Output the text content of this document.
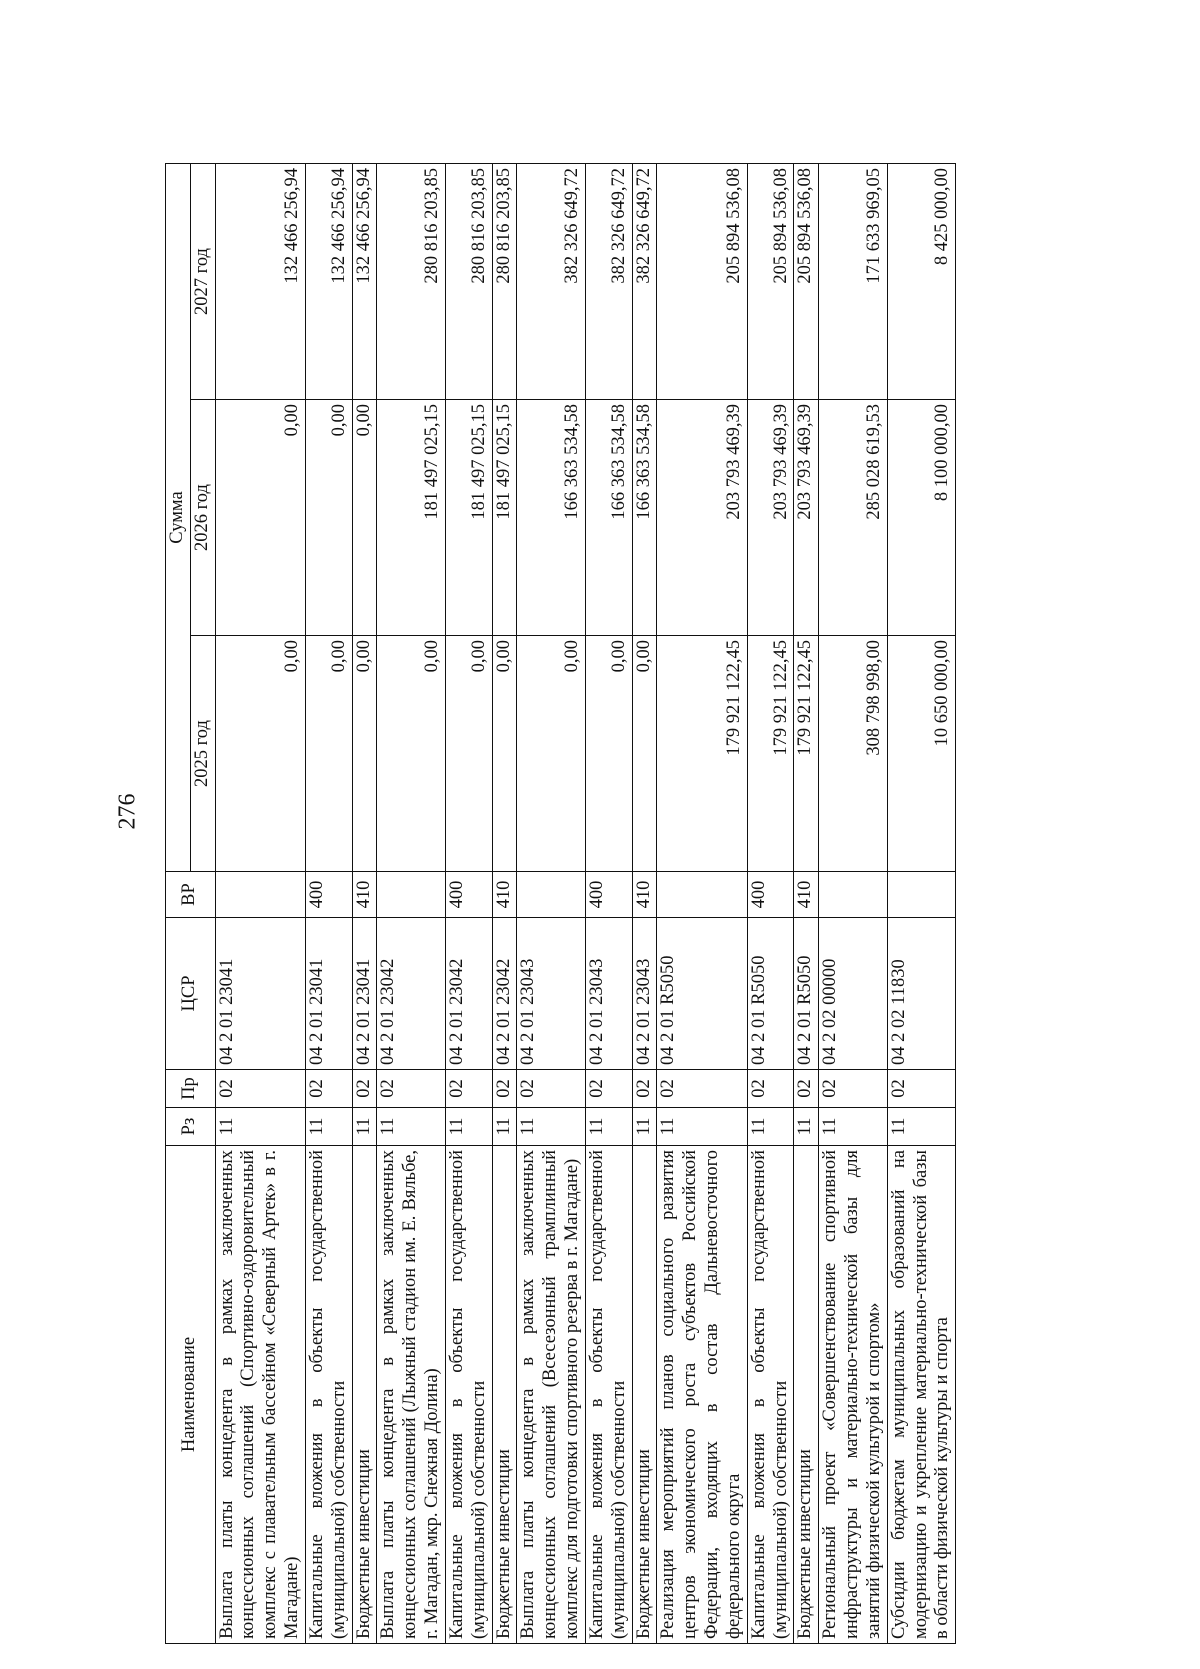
276
Наименование	Рз	Пр	ЦСР	ВР	Сумма		
					2025 год	2026 год	2027 год
Выплата платы концедента в рамках заключенных концессионных соглашений (Спортивно-оздоровительный комплекс с плавательным бассейном «Северный Артек» в г. Магадане)	11	02	04 2 01 23041		0,00	0,00	132 466 256,94
Капитальные вложения в объекты государственной (муниципальной) собственности	11	02	04 2 01 23041	400	0,00	0,00	132 466 256,94
Бюджетные инвестиции	11	02	04 2 01 23041	410	0,00	0,00	132 466 256,94
Выплата платы концедента в рамках заключенных концессионных соглашений (Лыжный стадион им. Е. Вяльбе, г. Магадан, мкр. Снежная Долина)	11	02	04 2 01 23042		0,00	181 497 025,15	280 816 203,85
Капитальные вложения в объекты государственной (муниципальной) собственности	11	02	04 2 01 23042	400	0,00	181 497 025,15	280 816 203,85
Бюджетные инвестиции	11	02	04 2 01 23042	410	0,00	181 497 025,15	280 816 203,85
Выплата платы концедента в рамках заключенных концессионных соглашений (Всесезонный трамплинный комплекс для подготовки спортивного резерва в г. Магадане)	11	02	04 2 01 23043		0,00	166 363 534,58	382 326 649,72
Капитальные вложения в объекты государственной (муниципальной) собственности	11	02	04 2 01 23043	400	0,00	166 363 534,58	382 326 649,72
Бюджетные инвестиции	11	02	04 2 01 23043	410	0,00	166 363 534,58	382 326 649,72
Реализация мероприятий планов социального развития центров экономического роста субъектов Российской Федерации, входящих в состав Дальневосточного федерального округа	11	02	04 2 01 R5050		179 921 122,45	203 793 469,39	205 894 536,08
Капитальные вложения в объекты государственной (муниципальной) собственности	11	02	04 2 01 R5050	400	179 921 122,45	203 793 469,39	205 894 536,08
Бюджетные инвестиции	11	02	04 2 01 R5050	410	179 921 122,45	203 793 469,39	205 894 536,08
Региональный проект «Совершенствование спортивной инфраструктуры и материально-технической базы для занятий физической культурой и спортом»	11	02	04 2 02 00000		308 798 998,00	285 028 619,53	171 633 969,05
Субсидии бюджетам муниципальных образований на модернизацию и укрепление материально-технической базы в области физической культуры и спорта	11	02	04 2 02 11830		10 650 000,00	8 100 000,00	8 425 000,00
